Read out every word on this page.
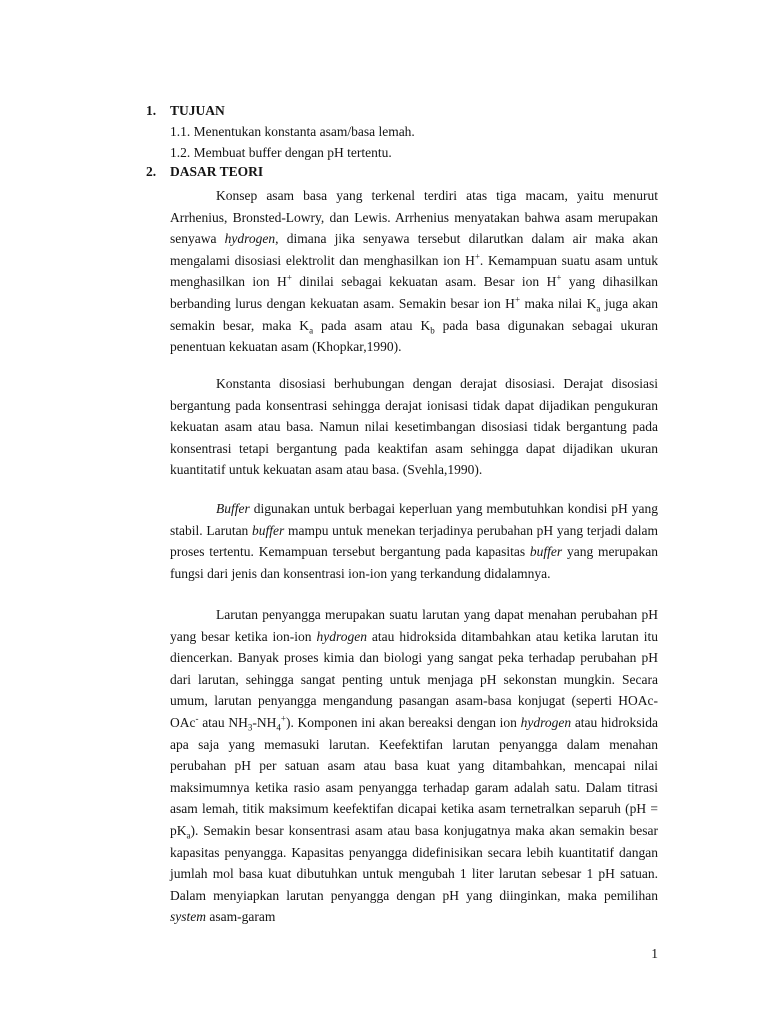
1. TUJUAN
1.1. Menentukan konstanta asam/basa lemah.
1.2. Membuat buffer dengan pH tertentu.
2. DASAR TEORI

Konsep asam basa yang terkenal terdiri atas tiga macam, yaitu menurut Arrhenius, Bronsted-Lowry, dan Lewis. Arrhenius menyatakan bahwa asam merupakan senyawa hydrogen, dimana jika senyawa tersebut dilarutkan dalam air maka akan mengalami disosiasi elektrolit dan menghasilkan ion H+. Kemampuan suatu asam untuk menghasilkan ion H+ dinilai sebagai kekuatan asam. Besar ion H+ yang dihasilkan berbanding lurus dengan kekuatan asam. Semakin besar ion H+ maka nilai $K_a$ juga akan semakin besar, maka $K_a$ pada asam atau $K_b$ pada basa digunakan sebagai ukuran penentuan kekuatan asam (Khopkar,1990).

Konstanta disosiasi berhubungan dengan derajat disosiasi. Derajat disosiasi bergantung pada konsentrasi sehingga derajat ionisasi tidak dapat dijadikan pengukuran kekuatan asam atau basa. Namun nilai kesetimbangan disosiasi tidak bergantung pada konsentrasi tetapi bergantung pada keaktifan asam sehingga dapat dijadikan ukuran kuantitatif untuk kekuatan asam atau basa. (Svehla,1990).

Buffer digunakan untuk berbagai keperluan yang membutuhkan kondisi pH yang stabil. Larutan buffer mampu untuk menekan terjadinya perubahan pH yang terjadi dalam proses tertentu. Kemampuan tersebut bergantung pada kapasitas buffer yang merupakan fungsi dari jenis dan konsentrasi ion-ion yang terkandung didalamnya.

Larutan penyangga merupakan suatu larutan yang dapat menahan perubahan pH yang besar ketika ion-ion hydrogen atau hidroksida ditambahkan atau ketika larutan itu diencerkan. Banyak proses kimia dan biologi yang sangat peka terhadap perubahan pH dari larutan, sehingga sangat penting untuk menjaga pH sekonstan mungkin. Secara umum, larutan penyangga mengandung pasangan asam-basa konjugat (seperti HOAc-OAc- atau $NH_3-NH_4^+$). Komponen ini akan bereaksi dengan ion hydrogen atau hidroksida apa saja yang memasuki larutan. Keefektifan larutan penyangga dalam menahan perubahan pH per satuan asam atau basa kuat yang ditambahkan, mencapai nilai maksimumnya ketika rasio asam penyangga terhadap garam adalah satu. Dalam titrasi asam lemah, titik maksimum keefektifan dicapai ketika asam ternetralkan separuh $(pH = pK_a)$. Semakin besar konsentrasi asam atau basa konjugatnya maka akan semakin besar kapasitas penyangga. Kapasitas penyangga didefinisikan secara lebih kuantitatif dangan jumlah mol basa kuat dibutuhkan untuk mengubah 1 liter larutan sebesar 1 pH satuan. Dalam menyiapkan larutan penyangga dengan pH yang diinginkan, maka pemilihan system asam-garam

1
